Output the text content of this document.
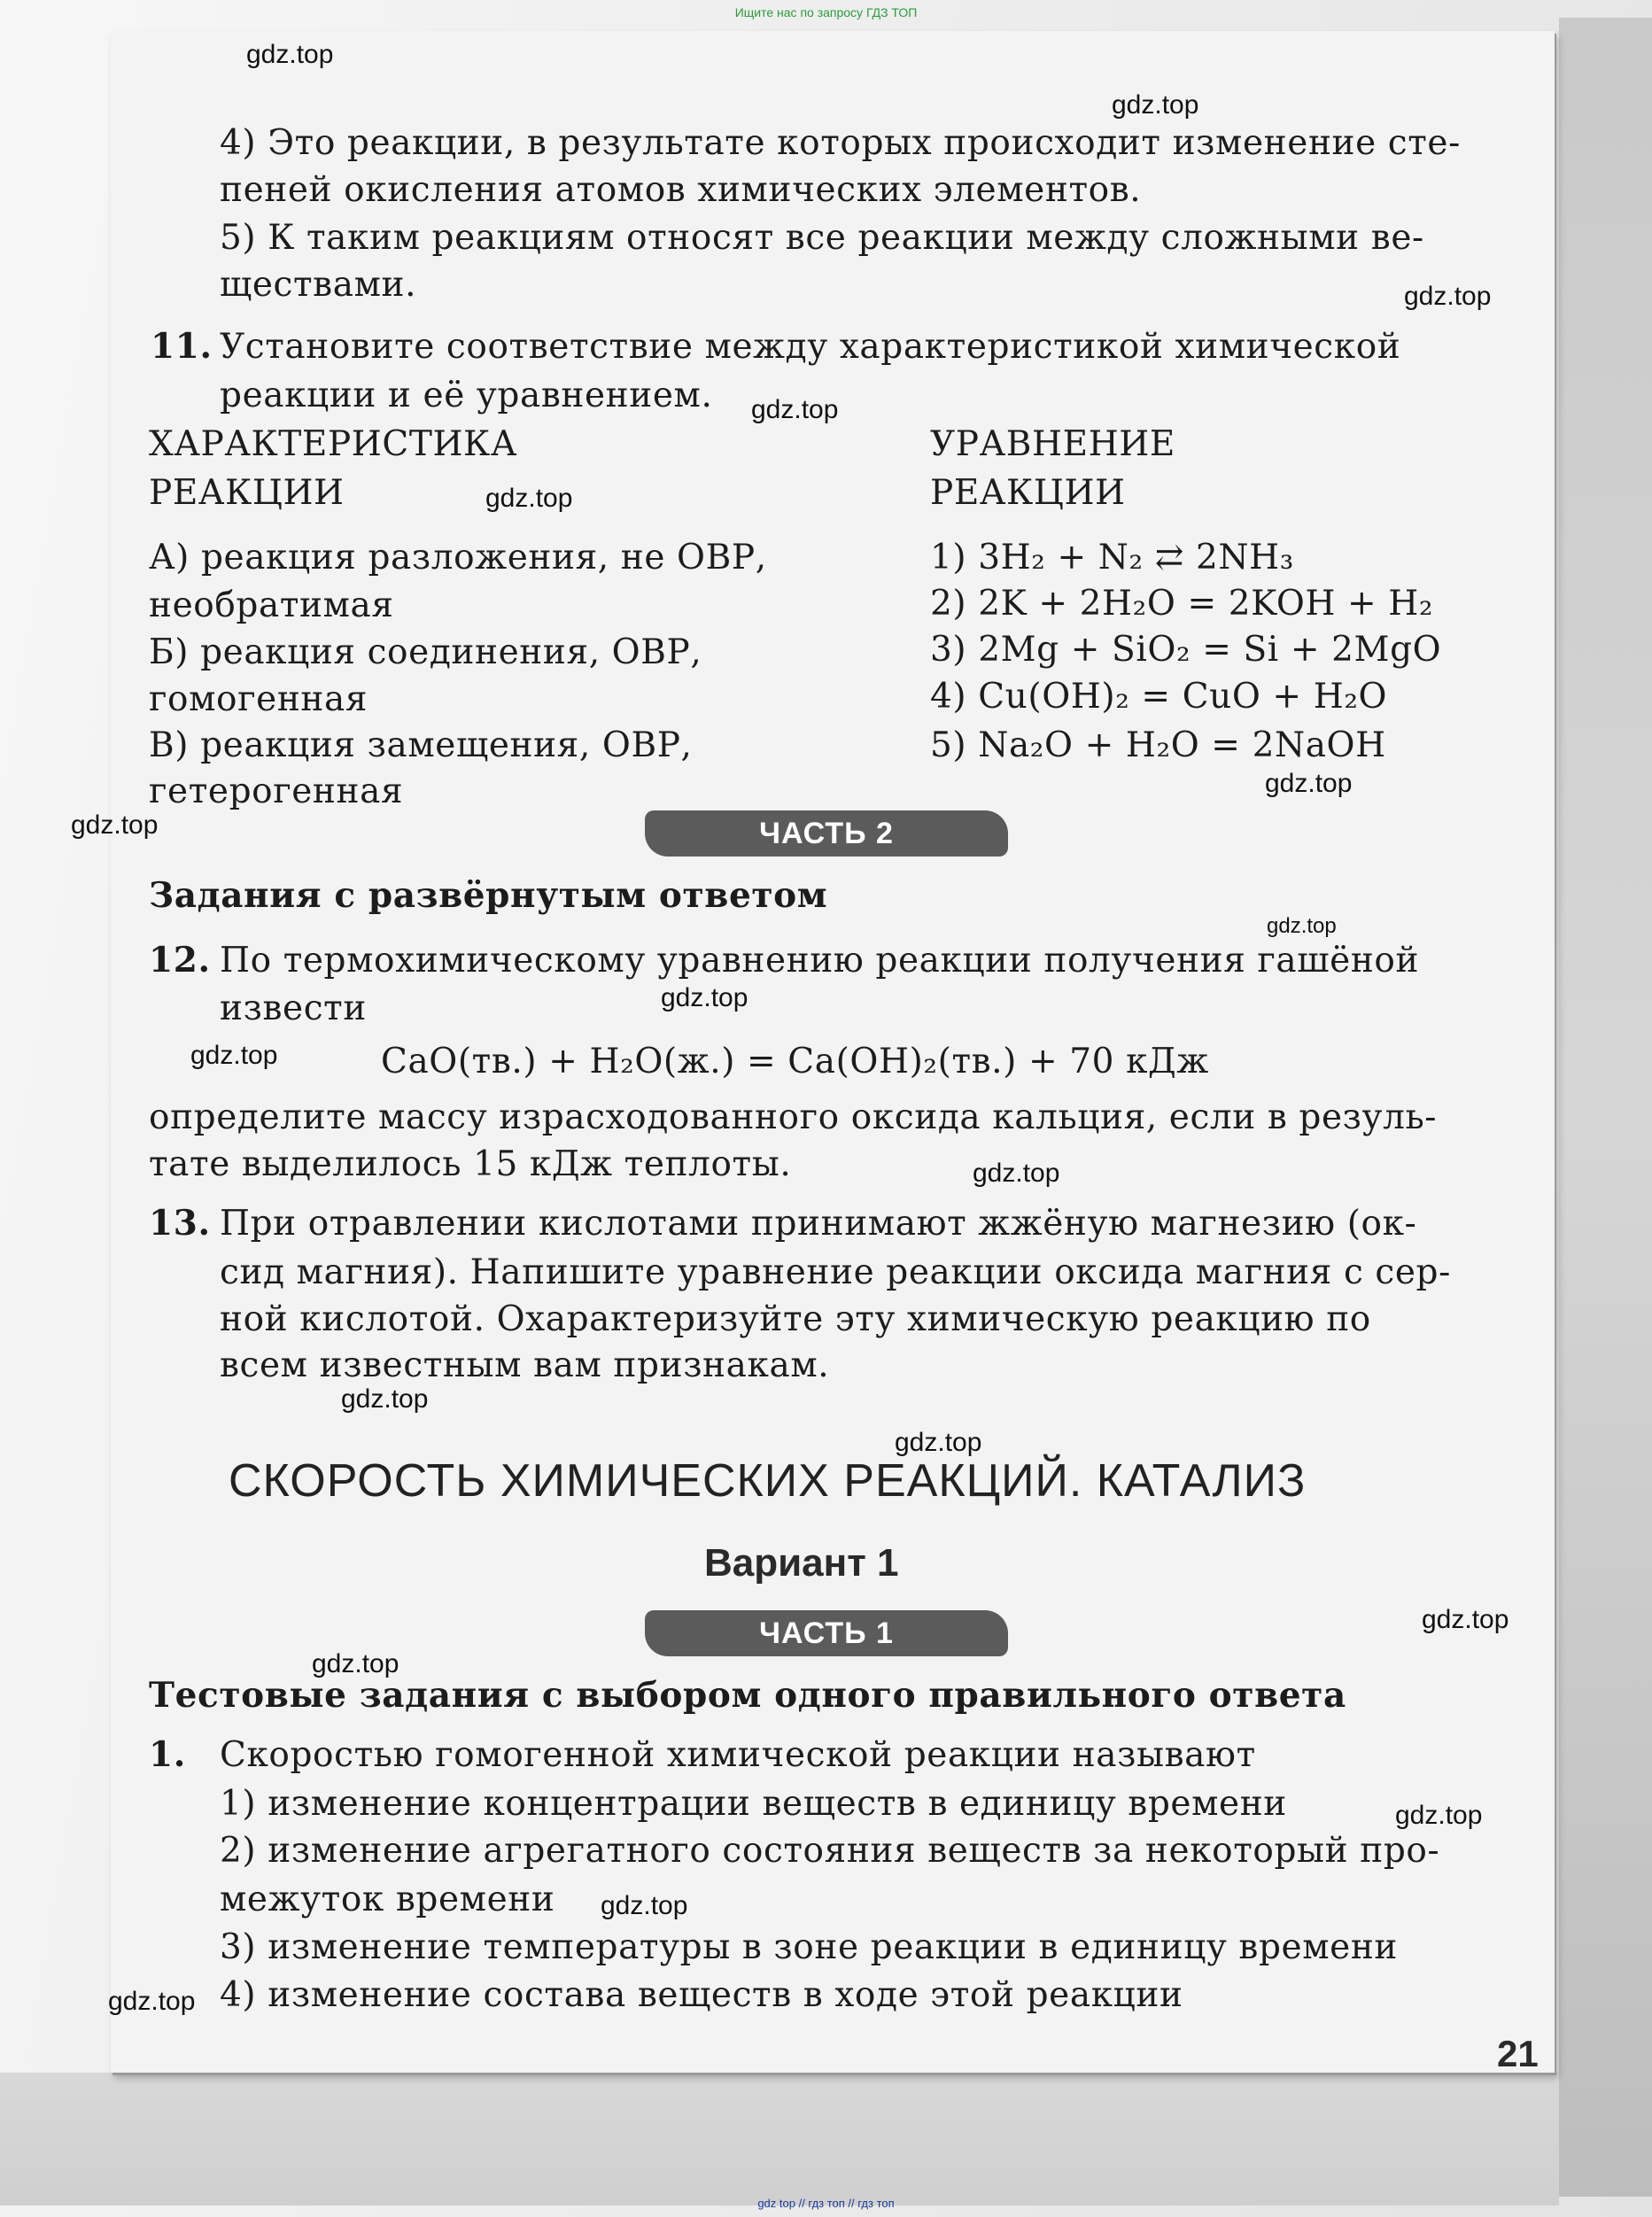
Ищите нас по запросу ГДЗ ТОП
4) Это реакции, в результате которых происходит изменение сте-
пеней окисления атомов химических элементов.
5) К таким реакциям относят все реакции между сложными ве-
ществами.
11. Установите соответствие между характеристикой химической
реакции и её уравнением.
ХАРАКТЕРИСТИКА
РЕАКЦИИ
УРАВНЕНИЕ
РЕАКЦИИ
А) реакция разложения, не ОВР,
необратимая
Б) реакция соединения, ОВР,
гомогенная
В) реакция замещения, ОВР,
гетерогенная
1) 3H₂ + N₂ ⇄ 2NH₃
2) 2K + 2H₂O = 2KOH + H₂
3) 2Mg + SiO₂ = Si + 2MgO
4) Cu(OH)₂ = CuO + H₂O
5) Na₂O + H₂O = 2NaOH
ЧАСТЬ 2
Задания с развёрнутым ответом
12. По термохимическому уравнению реакции получения гашёной
извести
CaO(тв.) + H₂O(ж.) = Ca(OH)₂(тв.) + 70 кДж
определите массу израсходованного оксида кальция, если в резуль-
тате выделилось 15 кДж теплоты.
13. При отравлении кислотами принимают жжёную магнезию (ок-
сид магния). Напишите уравнение реакции оксида магния с сер-
ной кислотой. Охарактеризуйте эту химическую реакцию по
всем известным вам признакам.
СКОРОСТЬ ХИМИЧЕСКИХ РЕАКЦИЙ. КАТАЛИЗ
Вариант 1
ЧАСТЬ 1
Тестовые задания с выбором одного правильного ответа
1. Скоростью гомогенной химической реакции называют
1) изменение концентрации веществ в единицу времени
2) изменение агрегатного состояния веществ за некоторый про-
межуток времени
3) изменение температуры в зоне реакции в единицу времени
4) изменение состава веществ в ходе этой реакции
gdz.top
gdz.top
gdz.top
gdz.top
gdz.top
gdz.top
gdz.top
gdz.top
gdz.top
gdz.top
gdz.top
gdz.top
gdz.top
gdz.top
gdz.top
gdz.top
gdz.top
gdz.top
21
gdz top // гдз топ // гдз топ
